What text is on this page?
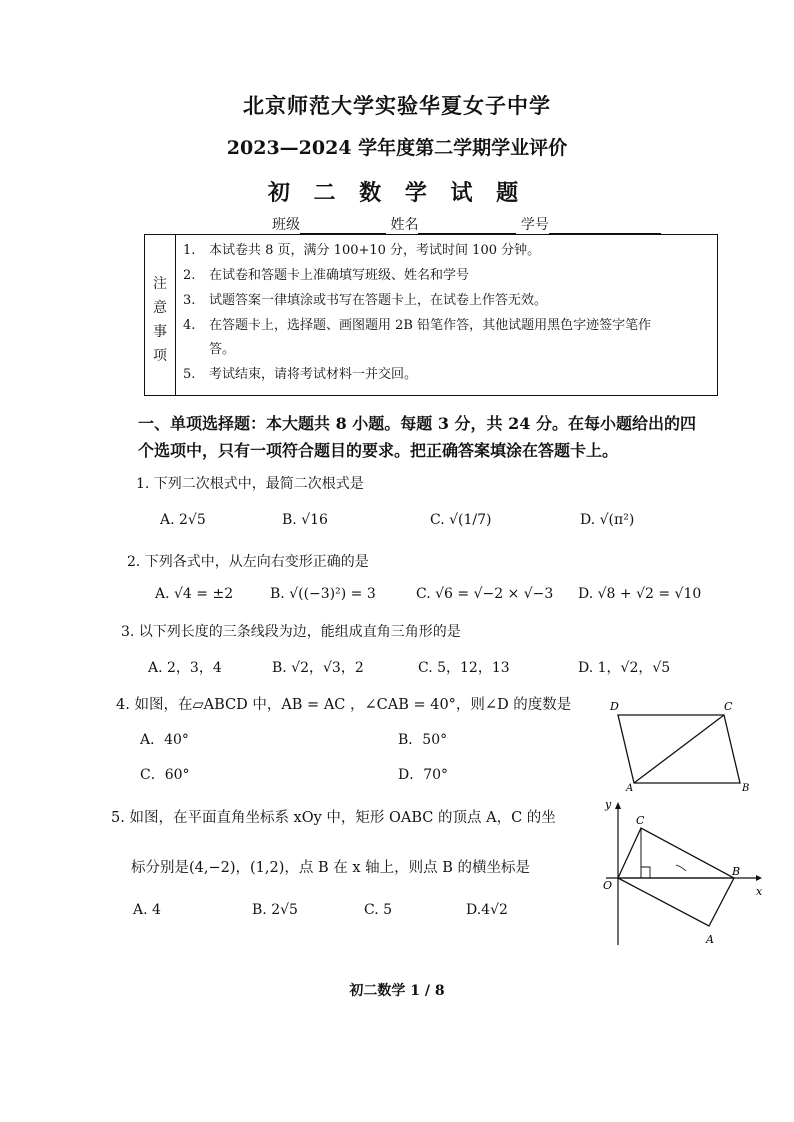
北京师范大学实验华夏女子中学
2023—2024 学年度第二学期学业评价
初 二 数 学 试 题
班级	姓名	学号
注
意
事
项
1. 本试卷共 8 页，满分 100+10 分，考试时间 100 分钟。
2. 在试卷和答题卡上准确填写班级、姓名和学号
3. 试题答案一律填涂或书写在答题卡上，在试卷上作答无效。
4. 在答题卡上，选择题、画图题用 2B 铅笔作答，其他试题用黑色字迹签字笔作
答。
5. 考试结束，请将考试材料一并交回。
一、单项选择题：本大题共 8 小题。每题 3 分，共 24 分。在每小题给出的四
个选项中，只有一项符合题目的要求。把正确答案填涂在答题卡上。
1. 下列二次根式中，最简二次根式是
A. 2√5	B. √16	C. √(1/7)	D. √(π²)
2. 下列各式中，从左向右变形正确的是
A. √4 = ±2	B. √((−3)²) = 3	C. √6 = √−2 × √−3 D. √8 + √2 = √10
3. 以下列长度的三条线段为边，能组成直角三角形的是
A. 2，3，4	B. √2，√3，2	C. 5，12，13	D. 1，√2，√5
4. 如图，在▱ABCD 中，AB = AC ，∠CAB = 40°，则∠D 的度数是
A．40°	B．50°
C．60°	D．70°
D	C
A	B
5. 如图，在平面直角坐标系 xOy 中，矩形 OABC 的顶点 A，C 的坐
标分别是(4,−2)，(1,2)，点 B 在 x 轴上，则点 B 的横坐标是
A. 4	B. 2√5	C. 5	D.4√2
C
O
B
A
x
y
初二数学 1 / 8
